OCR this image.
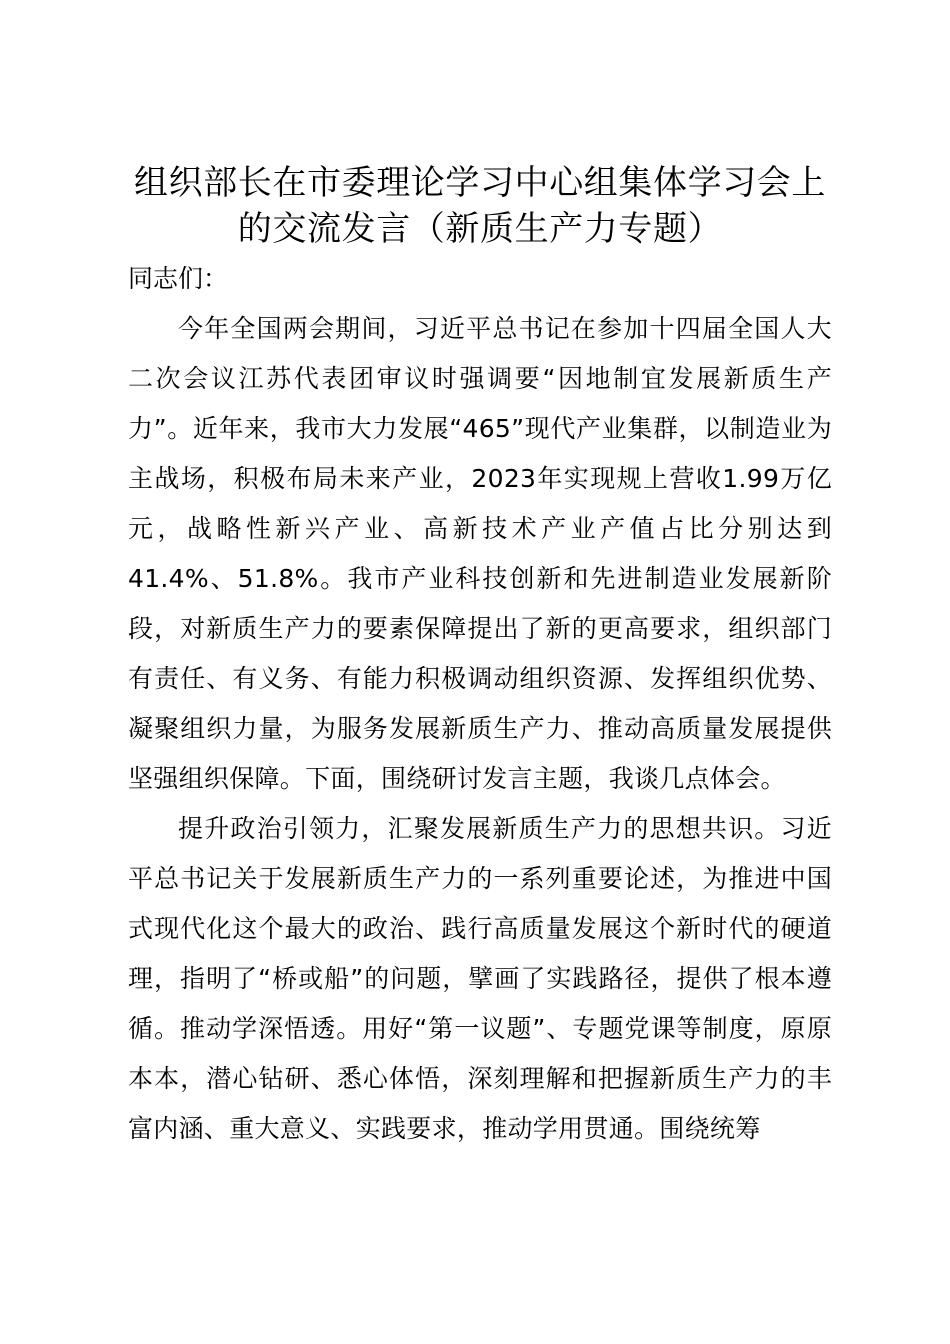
组织部长在市委理论学习中心组集体学习会上
的交流发言（新质生产力专题）

同志们：

今年全国两会期间，习近平总书记在参加十四届全国人大二次会议江苏代表团审议时强调要“因地制宜发展新质生产力”。近年来，我市大力发展“465”现代产业集群，以制造业为主战场，积极布局未来产业，2023年实现规上营收1.99万亿元，战略性新兴产业、高新技术产业产值占比分别达到41.4%、51.8%。我市产业科技创新和先进制造业发展新阶段，对新质生产力的要素保障提出了新的更高要求，组织部门有责任、有义务、有能力积极调动组织资源、发挥组织优势、凝聚组织力量，为服务发展新质生产力、推动高质量发展提供坚强组织保障。下面，围绕研讨发言主题，我谈几点体会。

提升政治引领力，汇聚发展新质生产力的思想共识。习近平总书记关于发展新质生产力的一系列重要论述，为推进中国式现代化这个最大的政治、践行高质量发展这个新时代的硬道理，指明了“桥或船”的问题，擘画了实践路径，提供了根本遵循。推动学深悟透。用好“第一议题”、专题党课等制度，原原本本，潜心钻研、悉心体悟，深刻理解和把握新质生产力的丰富内涵、重大意义、实践要求，推动学用贯通。围绕统筹
